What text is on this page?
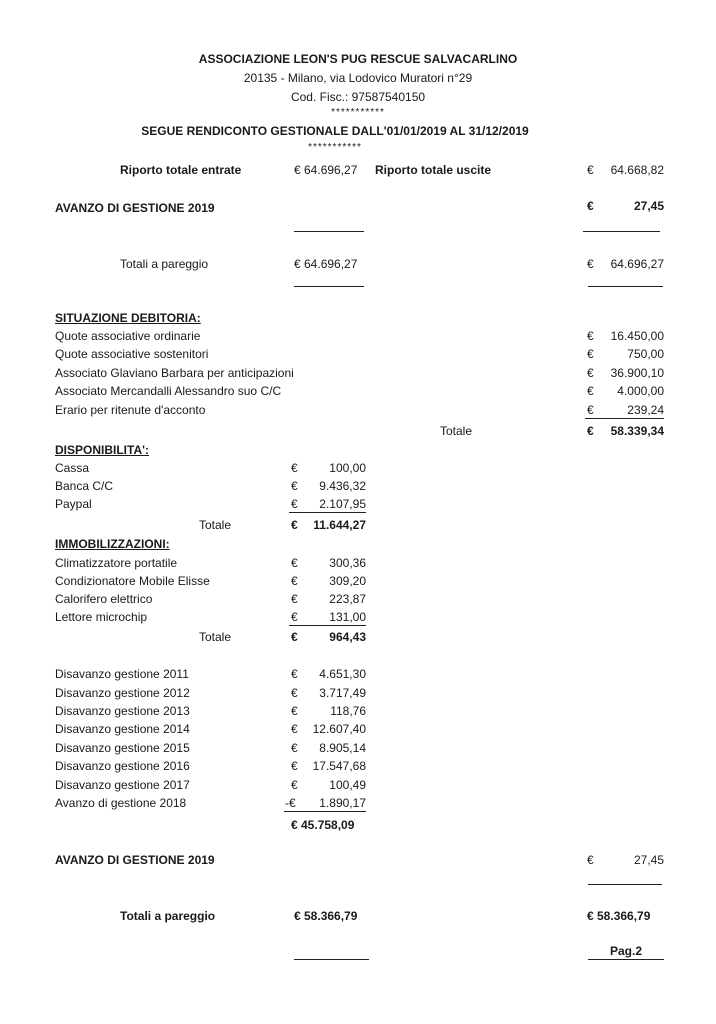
ASSOCIAZIONE LEON'S PUG RESCUE SALVACARLINO
20135 - Milano, via Lodovico Muratori n°29
Cod. Fisc.: 97587540150
***********
SEGUE RENDICONTO GESTIONALE DALL'01/01/2019 AL 31/12/2019
***********
Riporto totale entrate	€ 64.696,27 Riporto totale uscite	€	64.668,82
AVANZO DI GESTIONE 2019	€	27,45
Totali a pareggio	€ 64.696,27	€	64.696,27
SITUAZIONE DEBITORIA:
Quote associative ordinarie	€	16.450,00
Quote associative sostenitori	€	750,00
Associato Glaviano Barbara per anticipazioni	€	36.900,10
Associato Mercandalli Alessandro suo C/C	€	4.000,00
Erario per ritenute d'acconto	€	239,24
Totale	€	58.339,34
DISPONIBILITA':
Cassa	€	100,00
Banca C/C	€	9.436,32
Paypal	€	2.107,95
Totale	€	11.644,27
IMMOBILIZZAZIONI:
Climatizzatore portatile	€	300,36
Condizionatore Mobile Elisse	€	309,20
Calorifero elettrico	€	223,87
Lettore microchip	€	131,00
Totale	€	964,43
Disavanzo gestione 2011	€	4.651,30
Disavanzo gestione 2012	€	3.717,49
Disavanzo gestione 2013	€	118,76
Disavanzo gestione 2014	€	12.607,40
Disavanzo gestione 2015	€	8.905,14
Disavanzo gestione 2016	€	17.547,68
Disavanzo gestione 2017	€	100,49
Avanzo di gestione 2018	-€	1.890,17
€ 45.758,09
AVANZO DI GESTIONE 2019	€	27,45
Totali a pareggio	€ 58.366,79	€ 58.366,79
Pag.2
